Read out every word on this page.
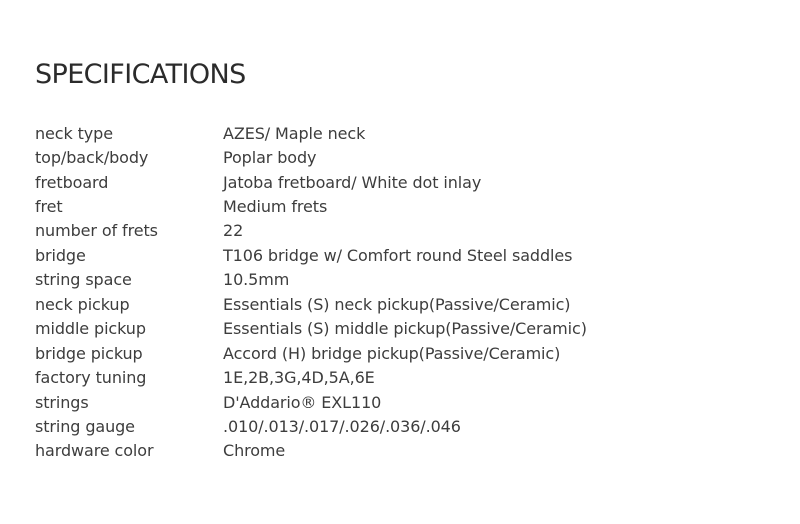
SPECIFICATIONS
neck type	AZES/ Maple neck
top/back/body	Poplar body
fretboard	Jatoba fretboard/ White dot inlay
fret	Medium frets
number of frets	22
bridge	T106 bridge w/ Comfort round Steel saddles
string space	10.5mm
neck pickup	Essentials (S) neck pickup(Passive/Ceramic)
middle pickup	Essentials (S) middle pickup(Passive/Ceramic)
bridge pickup	Accord (H) bridge pickup(Passive/Ceramic)
factory tuning	1E,2B,3G,4D,5A,6E
strings	D'Addario® EXL110
string gauge	.010/.013/.017/.026/.036/.046
hardware color	Chrome
